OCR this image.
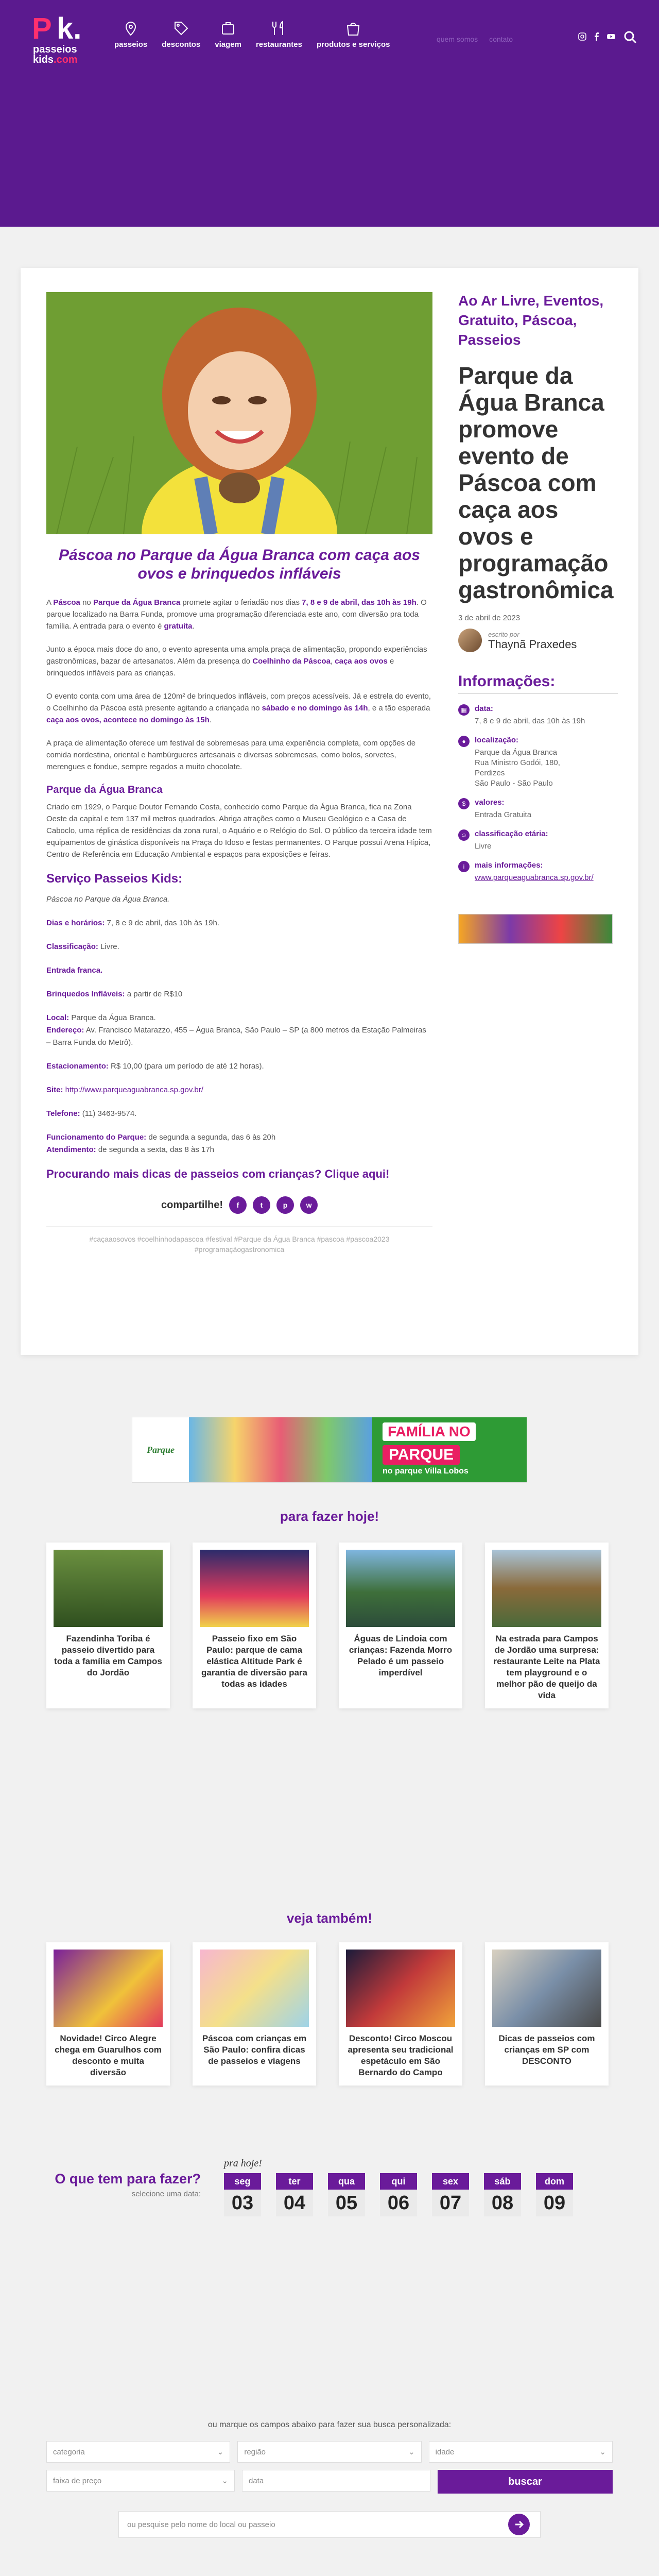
P k.
passeios
kids.com
passeios descontos viagem restaurantes produtos e serviços
quem somos contato
Páscoa no Parque da Água Branca com caça aos ovos e brinquedos infláveis

A Páscoa no Parque da Água Branca promete agitar o feriadão nos dias 7, 8 e 9 de abril, das 10h às 19h. O parque localizado na Barra Funda, promove uma programação diferenciada este ano, com diversão pra toda família. A entrada para o evento é gratuita.

Junto a época mais doce do ano, o evento apresenta uma ampla praça de alimentação, propondo experiências gastronômicas, bazar de artesanatos. Além da presença do Coelhinho da Páscoa, caça aos ovos e brinquedos infláveis para as crianças.

O evento conta com uma área de 120m² de brinquedos infláveis, com preços acessíveis. Já e estrela do evento, o Coelhinho da Páscoa está presente agitando a criançada no sábado e no domingo às 14h, e a tão esperada caça aos ovos, acontece no domingo às 15h.

A praça de alimentação oferece um festival de sobremesas para uma experiência completa, com opções de comida nordestina, oriental e hambúrgueres artesanais e diversas sobremesas, como bolos, sorvetes, merengues e fondue, sempre regados a muito chocolate.

Parque da Água Branca

Criado em 1929, o Parque Doutor Fernando Costa, conhecido como Parque da Água Branca, fica na Zona Oeste da capital e tem 137 mil metros quadrados. Abriga atrações como o Museu Geológico e a Casa de Caboclo, uma réplica de residências da zona rural, o Aquário e o Relógio do Sol. O público da terceira idade tem equipamentos de ginástica disponíveis na Praça do Idoso e festas permanentes. O Parque possui Arena Hípica, Centro de Referência em Educação Ambiental e espaços para exposições e feiras.

Serviço Passeios Kids:
Páscoa no Parque da Água Branca.
Dias e horários: 7, 8 e 9 de abril, das 10h às 19h.
Classificação: Livre.
Entrada franca.
Brinquedos Infláveis: a partir de R$10
Local: Parque da Água Branca.
Endereço: Av. Francisco Matarazzo, 455 – Água Branca, São Paulo – SP (a 800 metros da Estação Palmeiras – Barra Funda do Metrô).
Estacionamento: R$ 10,00 (para um período de até 12 horas).
Site: http://www.parqueaguabranca.sp.gov.br/
Telefone: (11) 3463-9574.
Funcionamento do Parque: de segunda a segunda, das 6 às 20h
Atendimento: de segunda a sexta, das 8 às 17h
Procurando mais dicas de passeios com crianças? Clique aqui!
compartilhe!	f	t	p	w
#caçaaosovos #coelhinhodapascoa #festival #Parque da Água Branca #pascoa #pascoa2023 #programaçãogastronomica
Ao Ar Livre, Eventos, Gratuito, Páscoa, Passeios
Parque da Água Branca promove evento de Páscoa com caça aos ovos e programação gastronômica
3 de abril de 2023
escrito por
Thaynã Praxedes
Informações:
▦	data:
7, 8 e 9 de abril, das 10h às 19h
●	localização:
Parque da Água Branca
Rua Ministro Godói, 180,
Perdizes
São Paulo - São Paulo
$	valores:
Entrada Gratuita
☺ classificação etária:
Livre
i	mais informações:
www.parqueaguabranca.sp.gov.br/
Parque
FAMÍLIA NO
PARQUE
no parque Villa Lobos
para fazer hoje!
Fazendinha Toriba é passeio divertido para toda a família em Campos do Jordão
Passeio fixo em São Paulo: parque de cama elástica Altitude Park é garantia de diversão para todas as idades
Águas de Lindoia com crianças: Fazenda Morro Pelado é um passeio imperdível
Na estrada para Campos de Jordão uma surpresa: restaurante Leite na Plata tem playground e o melhor pão de queijo da vida
veja também!
Novidade! Circo Alegre chega em Guarulhos com desconto e muita diversão
Páscoa com crianças em São Paulo: confira dicas de passeios e viagens
Desconto! Circo Moscou apresenta seu tradicional espetáculo em São Bernardo do Campo
Dicas de passeios com crianças em SP com DESCONTO
O que tem para fazer?
selecione uma data:
pra hoje!
seg
03
ter
04
qua
05
qui
06
sex
07
sáb
08
dom
09
ou marque os campos abaixo para fazer sua busca personalizada:
categoria	⌄	região	⌄	idade	⌄
faixa de preço	⌄	data	buscar
ou pesquise pelo nome do local ou passeio
